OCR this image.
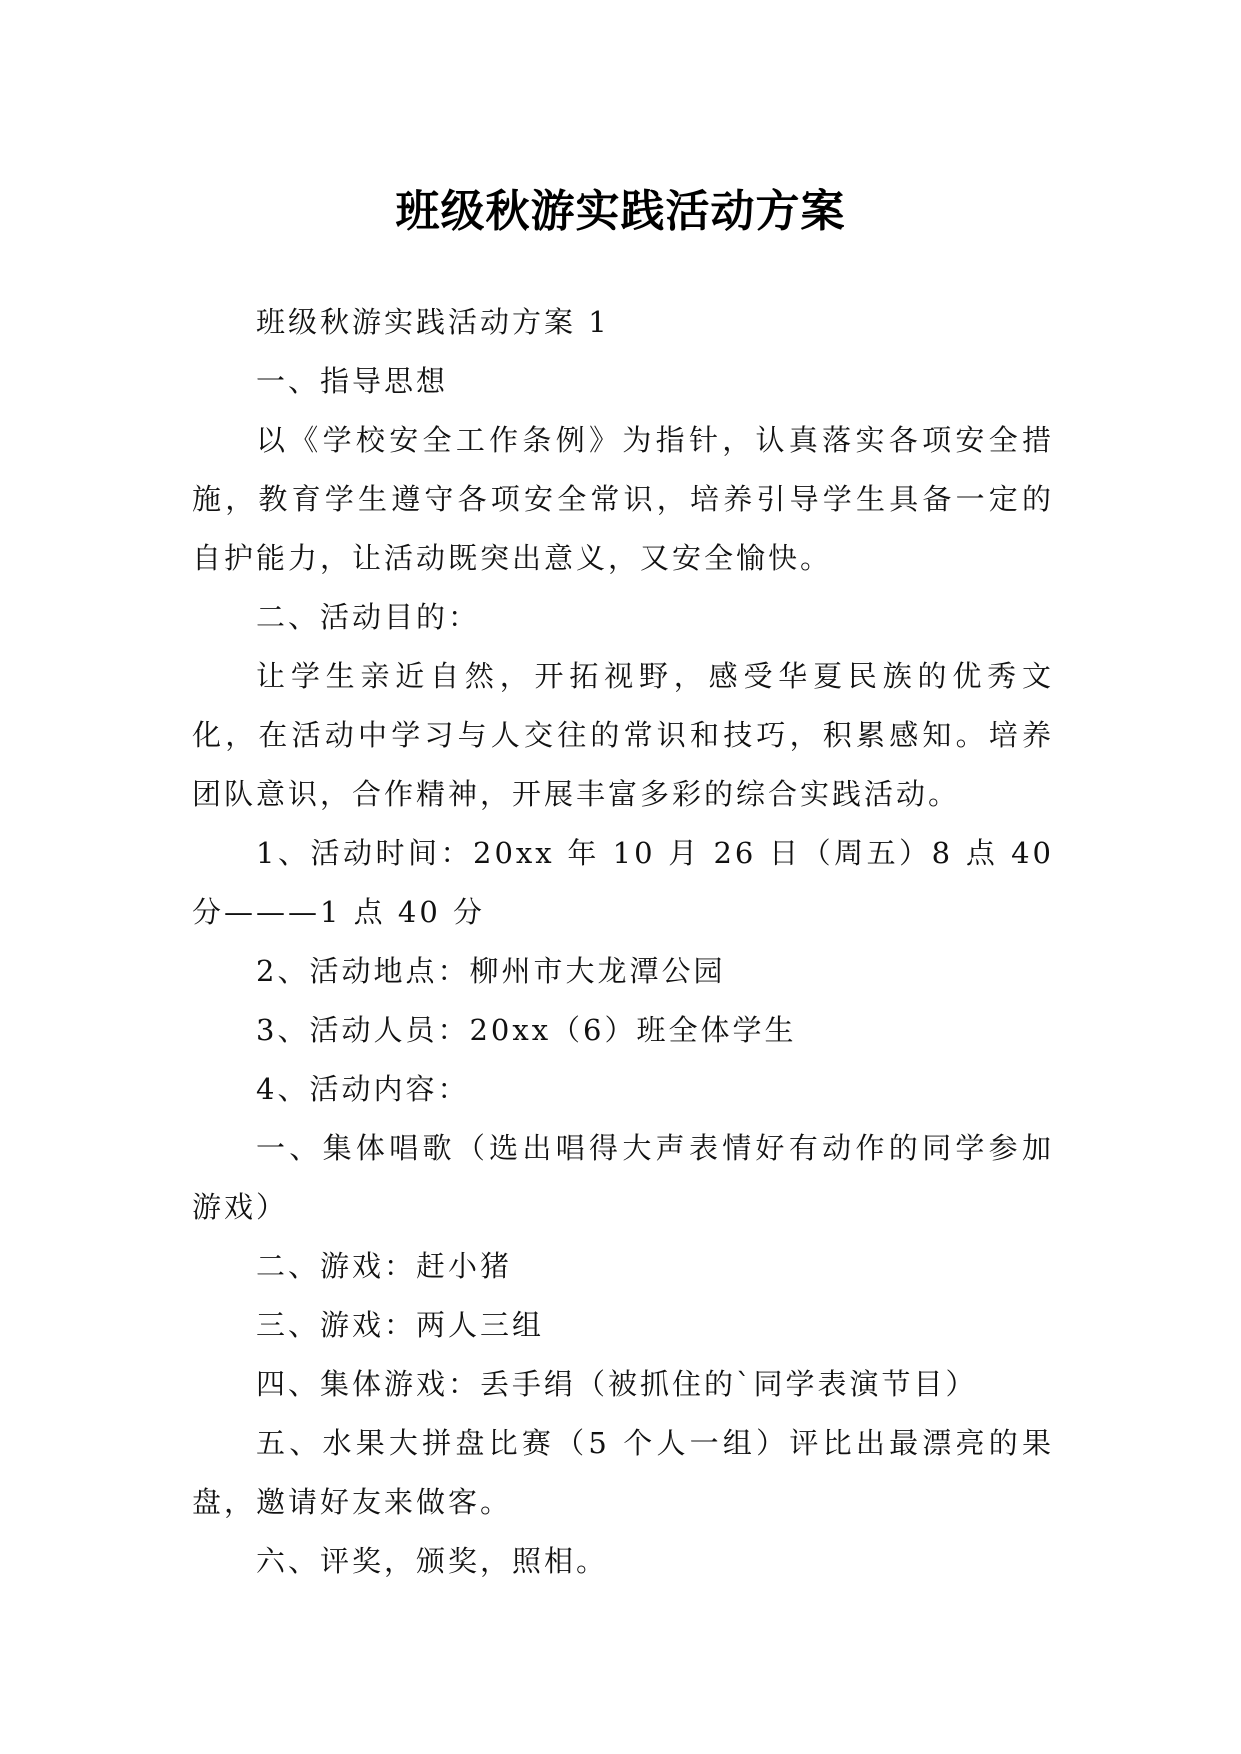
班级秋游实践活动方案

班级秋游实践活动方案 1

一、指导思想

以《学校安全工作条例》为指针，认真落实各项安全措施，教育学生遵守各项安全常识，培养引导学生具备一定的自护能力，让活动既突出意义，又安全愉快。

二、活动目的：

让学生亲近自然，开拓视野，感受华夏民族的优秀文化，在活动中学习与人交往的常识和技巧，积累感知。培养团队意识，合作精神，开展丰富多彩的综合实践活动。

1、活动时间：20xx 年 10 月 26 日（周五）8 点 40 分———1 点 40 分

2、活动地点：柳州市大龙潭公园

3、活动人员：20xx（6）班全体学生

4、活动内容：

一、集体唱歌（选出唱得大声表情好有动作的同学参加游戏）

二、游戏：赶小猪

三、游戏：两人三组

四、集体游戏：丢手绢（被抓住的`同学表演节目）

五、水果大拼盘比赛（5 个人一组）评比出最漂亮的果盘，邀请好友来做客。

六、评奖，颁奖，照相。
